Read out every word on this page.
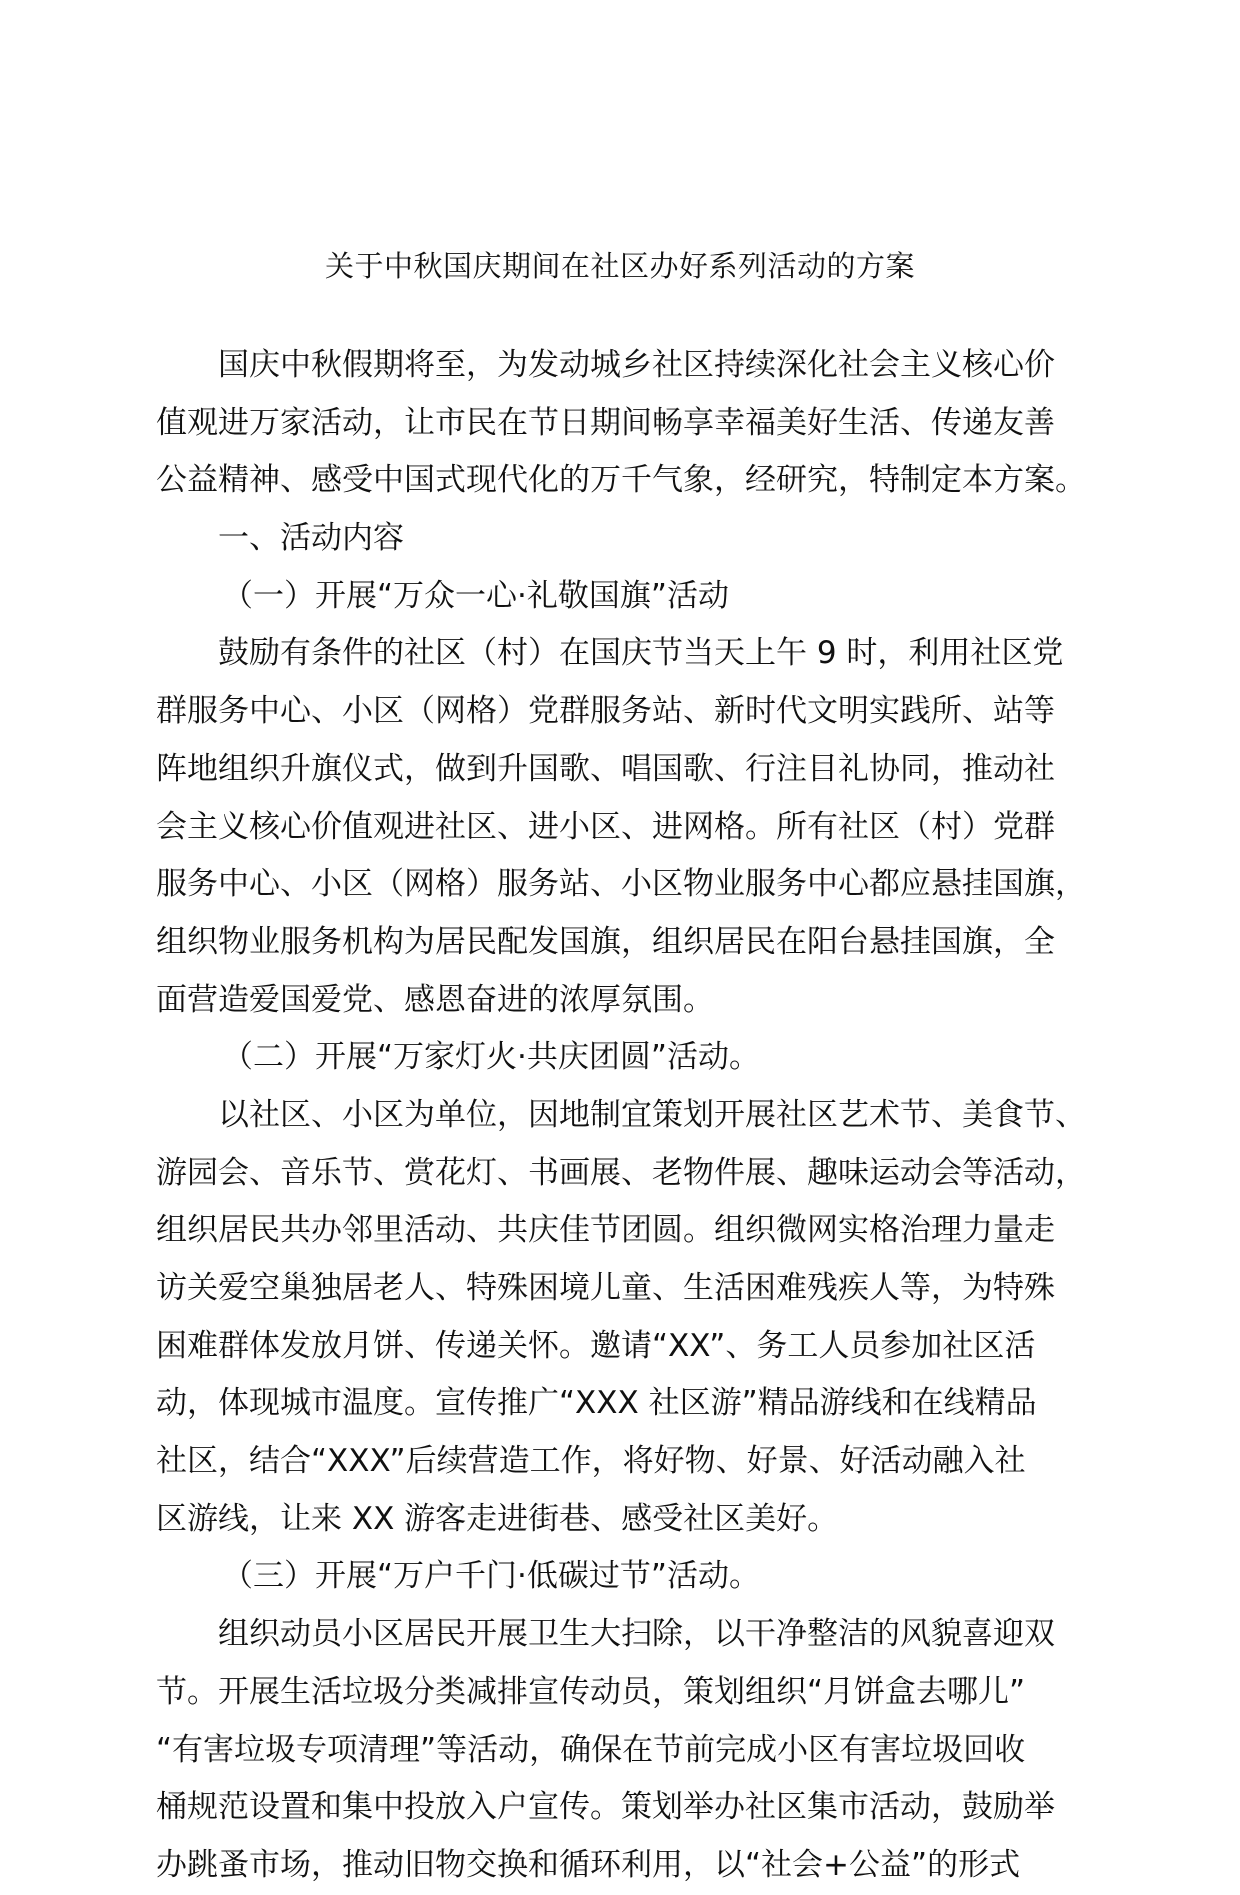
关于中秋国庆期间在社区办好系列活动的方案
国庆中秋假期将至，为发动城乡社区持续深化社会主义核心价
值观进万家活动，让市民在节日期间畅享幸福美好生活、传递友善
公益精神、感受中国式现代化的万千气象，经研究，特制定本方案。
一、活动内容
（一）开展“万众一心·礼敬国旗”活动
鼓励有条件的社区（村）在国庆节当天上午 9 时，利用社区党
群服务中心、小区（网格）党群服务站、新时代文明实践所、站等
阵地组织升旗仪式，做到升国歌、唱国歌、行注目礼协同，推动社
会主义核心价值观进社区、进小区、进网格。所有社区（村）党群
服务中心、小区（网格）服务站、小区物业服务中心都应悬挂国旗，
组织物业服务机构为居民配发国旗，组织居民在阳台悬挂国旗，全
面营造爱国爱党、感恩奋进的浓厚氛围。
（二）开展“万家灯火·共庆团圆”活动。
以社区、小区为单位，因地制宜策划开展社区艺术节、美食节、
游园会、音乐节、赏花灯、书画展、老物件展、趣味运动会等活动，
组织居民共办邻里活动、共庆佳节团圆。组织微网实格治理力量走
访关爱空巢独居老人、特殊困境儿童、生活困难残疾人等，为特殊
困难群体发放月饼、传递关怀。邀请“XX”、务工人员参加社区活
动，体现城市温度。宣传推广“XXX 社区游”精品游线和在线精品
社区，结合“XXX”后续营造工作，将好物、好景、好活动融入社
区游线，让来 XX 游客走进街巷、感受社区美好。
（三）开展“万户千门·低碳过节”活动。
组织动员小区居民开展卫生大扫除，以干净整洁的风貌喜迎双
节。开展生活垃圾分类减排宣传动员，策划组织“月饼盒去哪儿”
“有害垃圾专项清理”等活动，确保在节前完成小区有害垃圾回收
桶规范设置和集中投放入户宣传。策划举办社区集市活动，鼓励举
办跳蚤市场，推动旧物交换和循环利用，以“社会+公益”的形式
